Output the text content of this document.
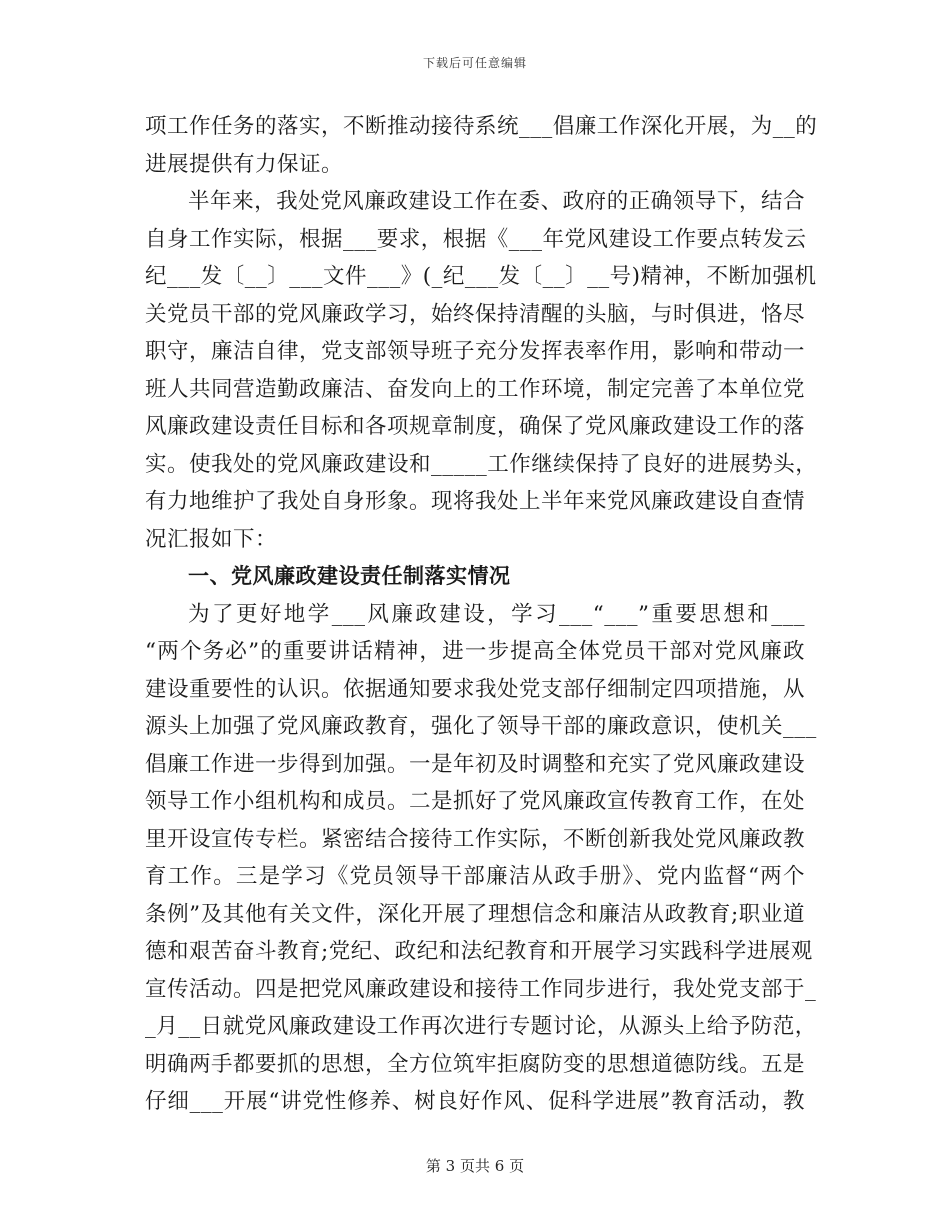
下载后可任意编辑
项工作任务的落实，不断推动接待系统___倡廉工作深化开展，为__的
进展提供有力保证。
半年来，我处党风廉政建设工作在委、政府的正确领导下，结合
自身工作实际，根据___要求，根据《___年党风建设工作要点转发云
纪___发〔__〕___文件___》(_纪___发〔__〕__号)精神，不断加强机
关党员干部的党风廉政学习，始终保持清醒的头脑，与时俱进，恪尽
职守，廉洁自律，党支部领导班子充分发挥表率作用，影响和带动一
班人共同营造勤政廉洁、奋发向上的工作环境，制定完善了本单位党
风廉政建设责任目标和各项规章制度，确保了党风廉政建设工作的落
实。使我处的党风廉政建设和_____工作继续保持了良好的进展势头，
有力地维护了我处自身形象。现将我处上半年来党风廉政建设自查情
况汇报如下：
一、党风廉政建设责任制落实情况
为了更好地学___风廉政建设，学习___“___”重要思想和___
“两个务必”的重要讲话精神，进一步提高全体党员干部对党风廉政
建设重要性的认识。依据通知要求我处党支部仔细制定四项措施，从
源头上加强了党风廉政教育，强化了领导干部的廉政意识，使机关___
倡廉工作进一步得到加强。一是年初及时调整和充实了党风廉政建设
领导工作小组机构和成员。二是抓好了党风廉政宣传教育工作，在处
里开设宣传专栏。紧密结合接待工作实际，不断创新我处党风廉政教
育工作。三是学习《党员领导干部廉洁从政手册》、党内监督“两个
条例”及其他有关文件，深化开展了理想信念和廉洁从政教育;职业道
德和艰苦奋斗教育;党纪、政纪和法纪教育和开展学习实践科学进展观
宣传活动。四是把党风廉政建设和接待工作同步进行，我处党支部于_
_月__日就党风廉政建设工作再次进行专题讨论，从源头上给予防范，
明确两手都要抓的思想，全方位筑牢拒腐防变的思想道德防线。五是
仔细___开展“讲党性修养、树良好作风、促科学进展”教育活动，教
第 3 页共 6 页
